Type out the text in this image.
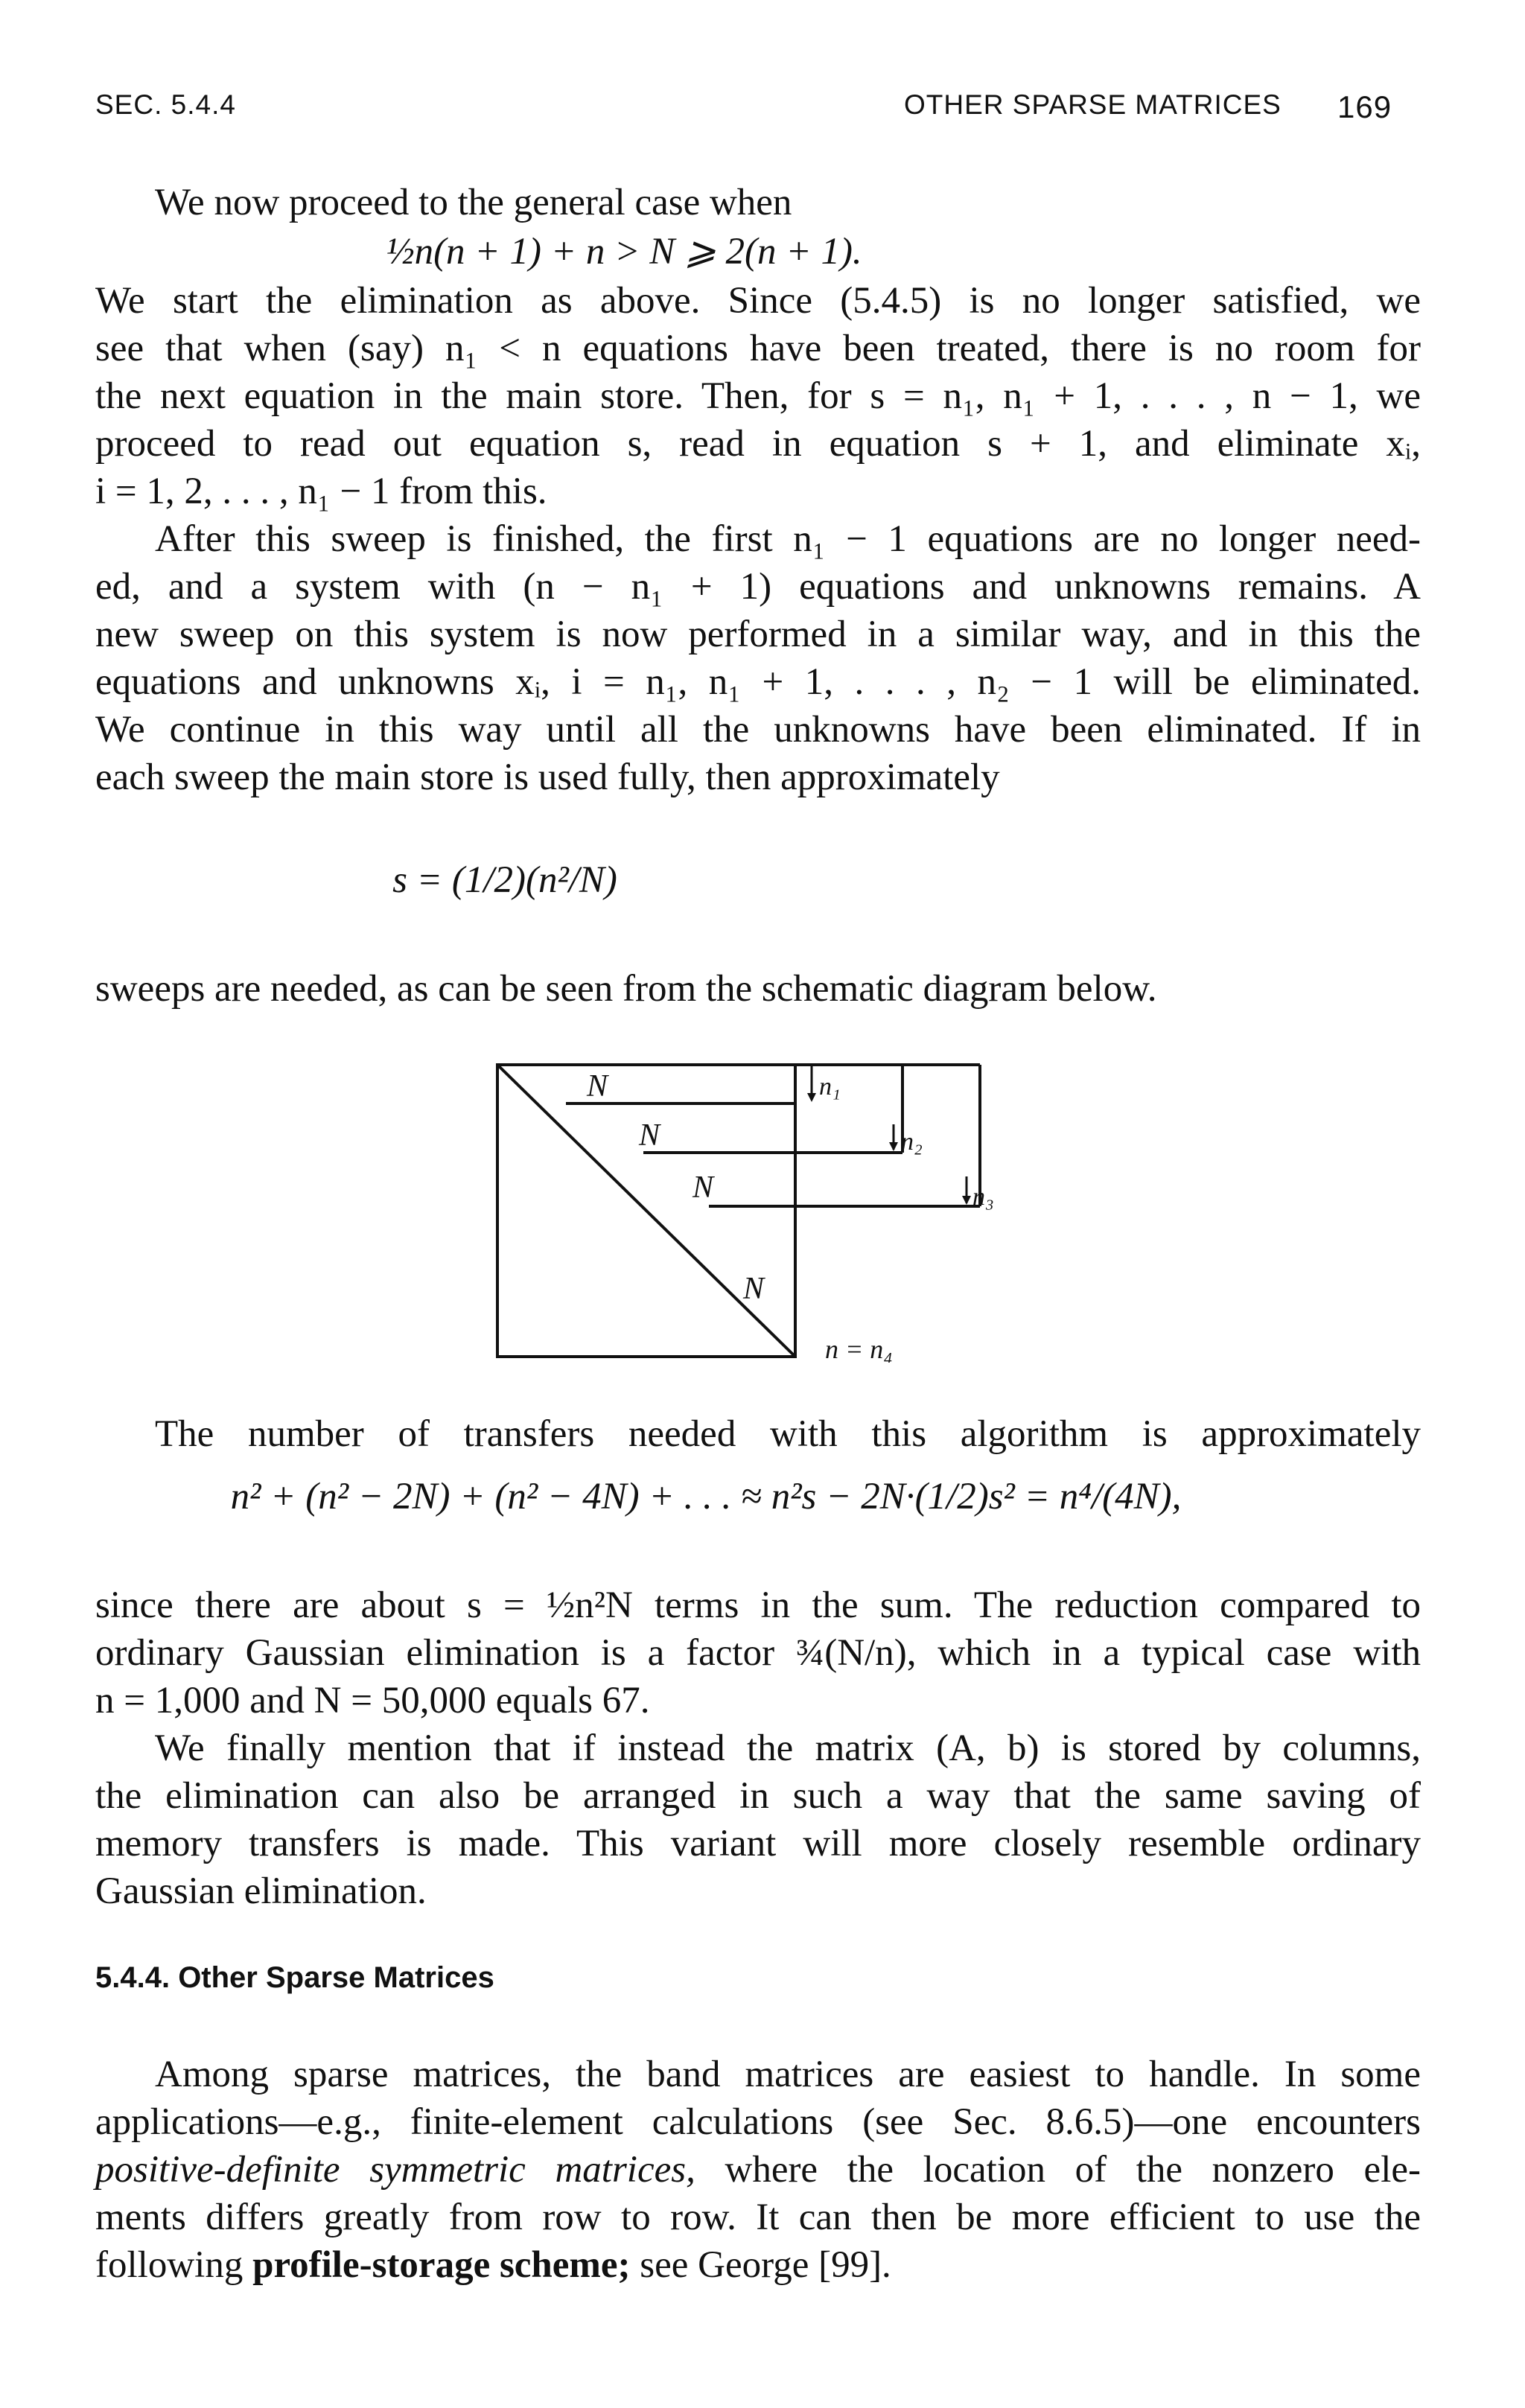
SEC. 5.4.4	OTHER SPARSE MATRICES 169
We now proceed to the general case when
½n(n + 1) + n > N ⩾ 2(n + 1).
We start the elimination as above. Since (5.4.5) is no longer satisfied, we
see that when (say) n₁ < n equations have been treated, there is no room for
the next equation in the main store. Then, for s = n₁, n₁ + 1, . . . , n − 1, we
proceed to read out equation s, read in equation s + 1, and eliminate xᵢ,
i = 1, 2, . . . , n₁ − 1 from this.
After this sweep is finished, the first n₁ − 1 equations are no longer need-
ed, and a system with (n − n₁ + 1) equations and unknowns remains. A
new sweep on this system is now performed in a similar way, and in this the
equations and unknowns xᵢ, i = n₁, n₁ + 1, . . . , n₂ − 1 will be eliminated.
We continue in this way until all the unknowns have been eliminated. If in
each sweep the main store is used fully, then approximately
s = (1/2)(n²/N)
sweeps are needed, as can be seen from the schematic diagram below.
N
N
N
N
n₁
n₂
n₃
n = n₄
The number of transfers needed with this algorithm is approximately
n² + (n² − 2N) + (n² − 4N) + . . . ≈ n²s − 2N·(1/2)s² = n⁴/(4N),
since there are about s = ½n²N terms in the sum. The reduction compared to
ordinary Gaussian elimination is a factor ¾(N/n), which in a typical case with
n = 1,000 and N = 50,000 equals 67.
We finally mention that if instead the matrix (A, b) is stored by columns,
the elimination can also be arranged in such a way that the same saving of
memory transfers is made. This variant will more closely resemble ordinary
Gaussian elimination.
5.4.4. Other Sparse Matrices
Among sparse matrices, the band matrices are easiest to handle. In some
applications—e.g., finite-element calculations (see Sec. 8.6.5)—one encounters
positive-definite symmetric matrices, where the location of the nonzero ele-
ments differs greatly from row to row. It can then be more efficient to use the
following profile-storage scheme; see George [99].
